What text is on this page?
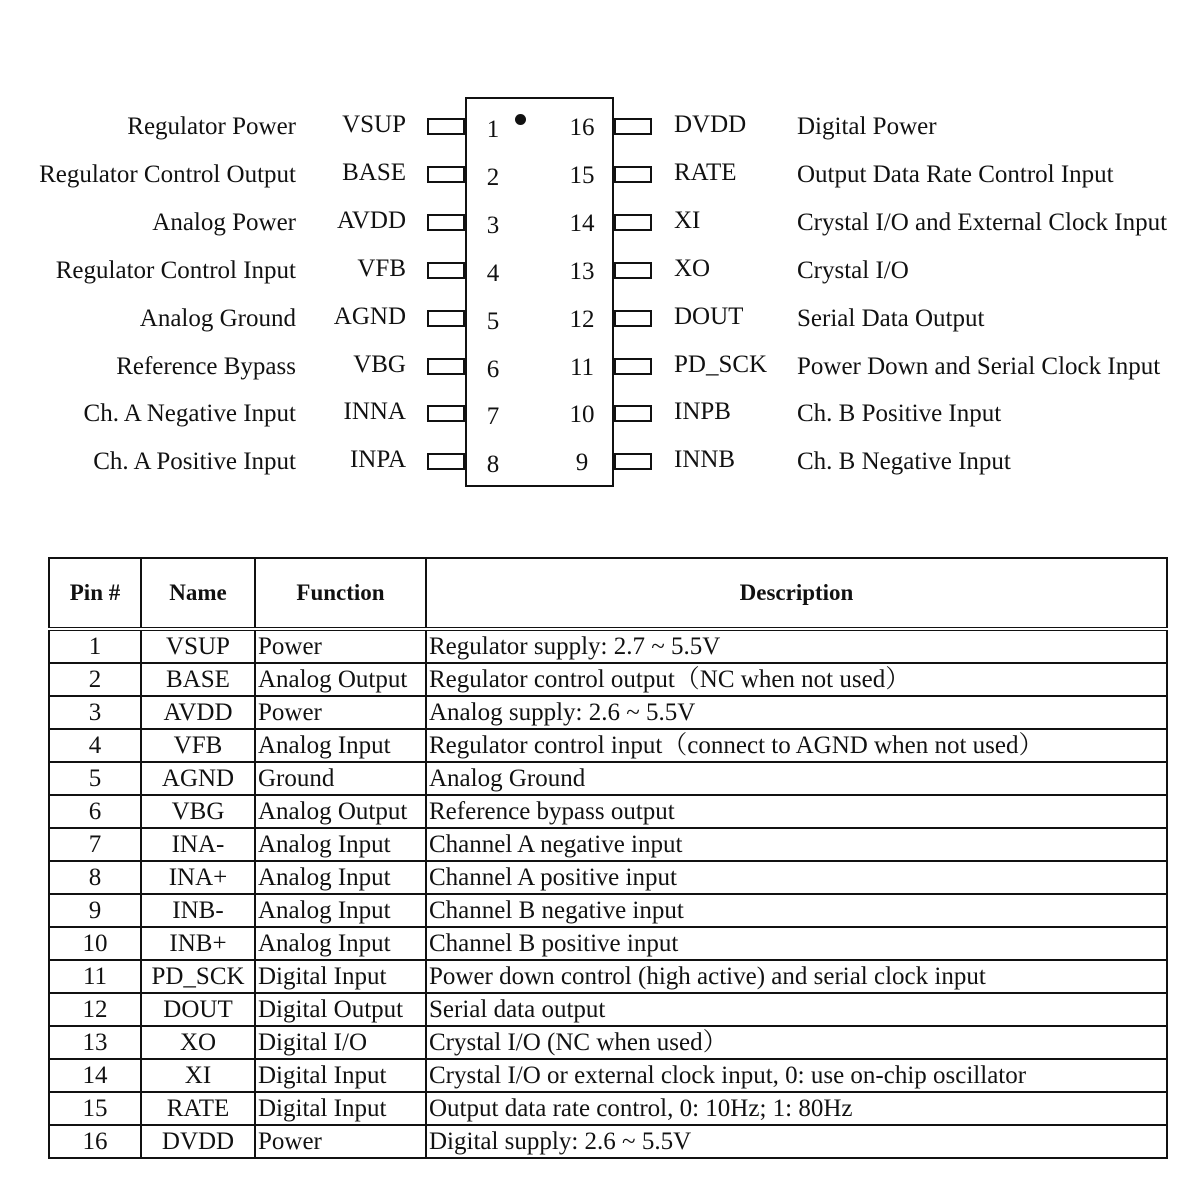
Regulator Power VSUP	1
Regulator Control Output BASE	2
Analog Power AVDD	3
Regulator Control Input VFB	4
Analog Ground AGND	5
Reference Bypass VBG	6
Ch. A Negative Input INNA	7
Ch. A Positive Input INPA	8
16	DVDD Digital Power
15	RATE Output Data Rate Control Input
14	XI	Crystal I/O and External Clock Input
13	XO	Crystal I/O
12	DOUT Serial Data Output
11	PD_SCK Power Down and Serial Clock Input
10	INPB	Ch. B Positive Input
9	INNB Ch. B Negative Input
Pin #	Name	Function	Description
1	VSUP	Power	Regulator supply: 2.7 ~ 5.5V
2	BASE	Analog Output	Regulator control output（NC when not used）
3	AVDD	Power	Analog supply: 2.6 ~ 5.5V
4	VFB	Analog Input	Regulator control input（connect to AGND when not used）
5	AGND	Ground	Analog Ground
6	VBG	Analog Output	Reference bypass output
7	INA-	Analog Input	Channel A negative input
8	INA+	Analog Input	Channel A positive input
9	INB-	Analog Input	Channel B negative input
10	INB+	Analog Input	Channel B positive input
11	PD_SCK	Digital Input	Power down control (high active) and serial clock input
12	DOUT	Digital Output	Serial data output
13	XO	Digital I/O	Crystal I/O (NC when used）
14	XI	Digital Input	Crystal I/O or external clock input, 0: use on-chip oscillator
15	RATE	Digital Input	Output data rate control, 0: 10Hz; 1: 80Hz
16	DVDD	Power	Digital supply: 2.6 ~ 5.5V
